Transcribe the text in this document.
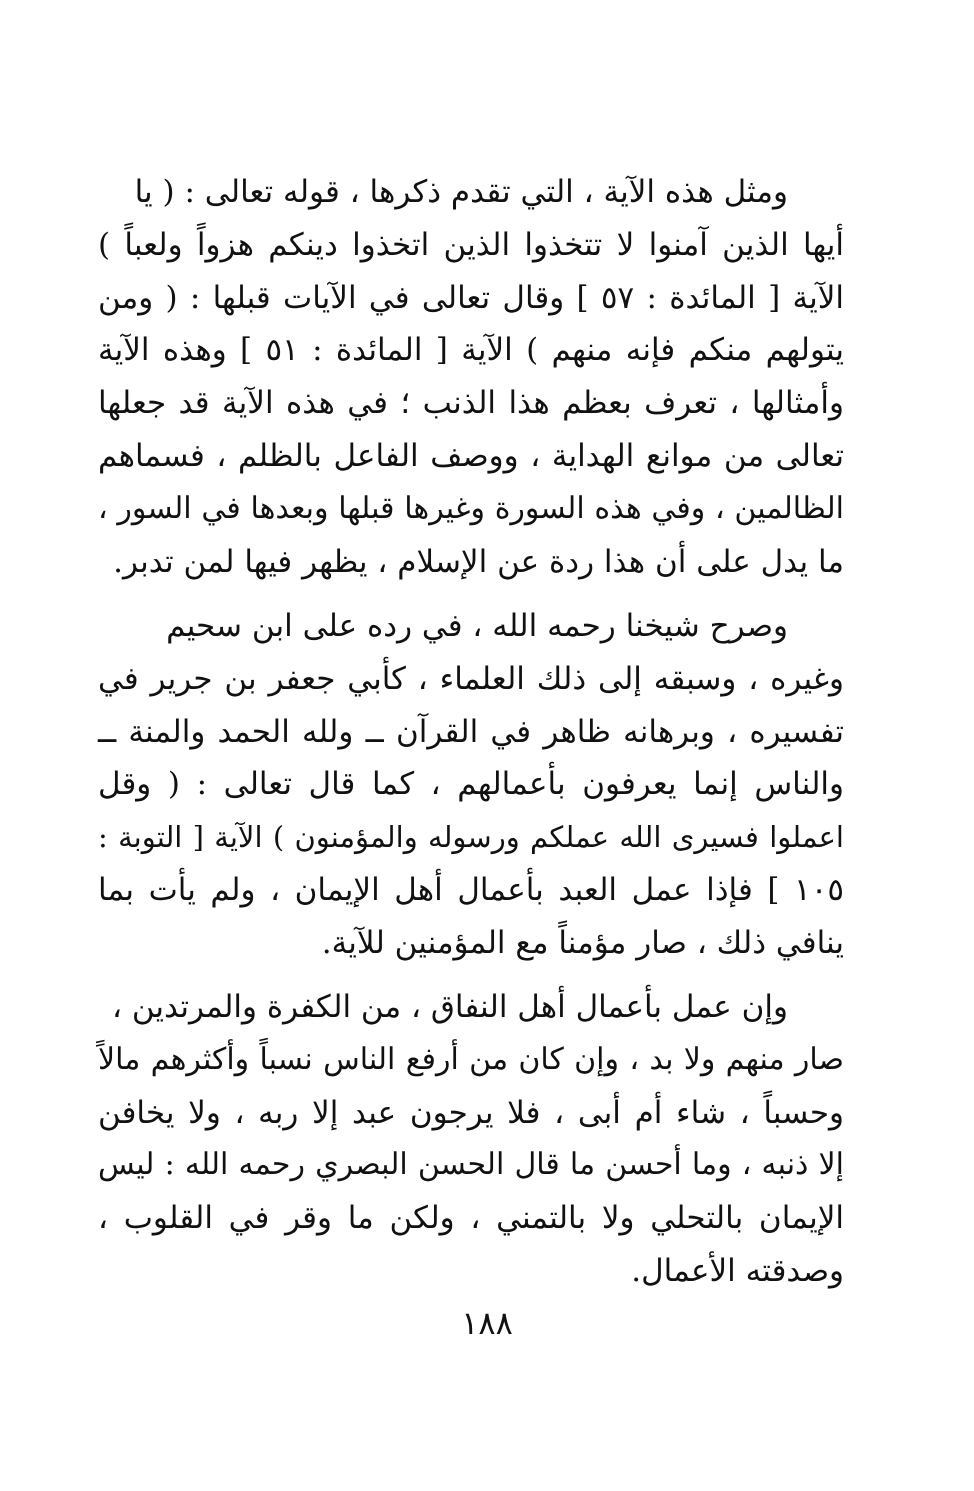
ومثل هذه الآية ، التي تقدم ذكرها ، قوله تعالى : ( يا
أيها الذين آمنوا لا تتخذوا الذين اتخذوا دينكم هزواً ولعباً )
الآية [ المائدة : ٥٧ ] وقال تعالى في الآيات قبلها : ( ومن
يتولهم منكم فإنه منهم ) الآية [ المائدة : ٥١ ] وهذه الآية
وأمثالها ، تعرف بعظم هذا الذنب ؛ في هذه الآية قد جعلها
تعالى من موانع الهداية ، ووصف الفاعل بالظلم ، فسماهم
الظالمين ، وفي هذه السورة وغيرها قبلها وبعدها في السور ،
ما يدل على أن هذا ردة عن الإسلام ، يظهر فيها لمن تدبر.
وصرح شيخنا رحمه الله ، في رده على ابن سحيم
وغيره ، وسبقه إلى ذلك العلماء ، كأبي جعفر بن جرير في
تفسيره ، وبرهانه ظاهر في القرآن ــ ولله الحمد والمنة ــ
والناس إنما يعرفون بأعمالهم ، كما قال تعالى : ( وقل
اعملوا فسيرى الله عملكم ورسوله والمؤمنون ) الآية [ التوبة :
١٠٥ ] فإذا عمل العبد بأعمال أهل الإيمان ، ولم يأت بما
ينافي ذلك ، صار مؤمناً مع المؤمنين للآية.
وإن عمل بأعمال أهل النفاق ، من الكفرة والمرتدين ،
صار منهم ولا بد ، وإن كان من أرفع الناس نسباً وأكثرهم مالاً
وحسباً ، شاء أم أبى ، فلا يرجون عبد إلا ربه ، ولا يخافن
إلا ذنبه ، وما أحسن ما قال الحسن البصري رحمه الله : ليس
الإيمان بالتحلي ولا بالتمني ، ولكن ما وقر في القلوب ،
وصدقته الأعمال.
١٨٨
